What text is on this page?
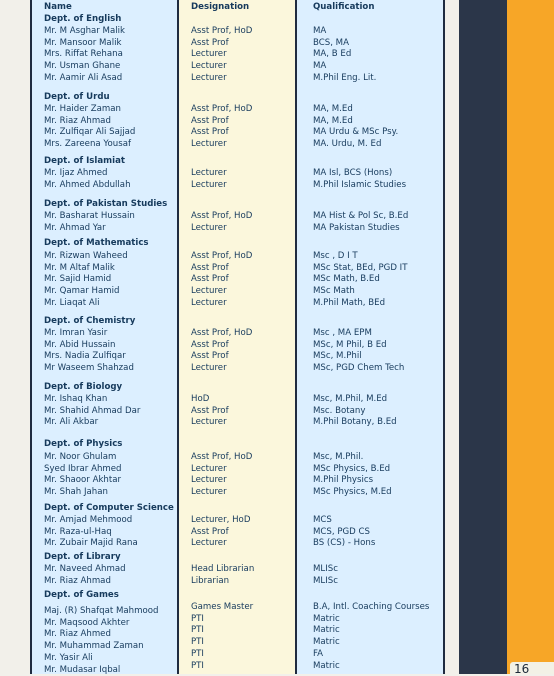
16
Name	Designation	Qualification
Dept. of English
Mr. M Asghar Malik	Asst Prof, HoD	MA
Mr. Mansoor Malik	Asst Prof	BCS, MA
Mrs. Riffat Rehana	Lecturer	MA, B Ed
Mr. Usman Ghane	Lecturer	MA
Mr. Aamir Ali Asad	Lecturer	M.Phil Eng. Lit.
Dept. of Urdu
Mr. Haider Zaman	Asst Prof, HoD	MA, M.Ed
Mr. Riaz Ahmad	Asst Prof	MA, M.Ed
Mr. Zulfiqar Ali Sajjad	Asst Prof	MA Urdu & MSc Psy.
Mrs. Zareena Yousaf	Lecturer	MA. Urdu, M. Ed
Dept. of Islamiat
Mr. Ijaz Ahmed	Lecturer	MA Isl, BCS (Hons)
Mr. Ahmed Abdullah	Lecturer	M.Phil Islamic Studies
Dept. of Pakistan Studies
Mr. Basharat Hussain	Asst Prof, HoD	MA Hist & Pol Sc, B.Ed
Mr. Ahmad Yar	Lecturer	MA Pakistan Studies
Dept. of Mathematics
Mr. Rizwan Waheed	Asst Prof, HoD	Msc , D I T
Mr. M Altaf Malik	Asst Prof	MSc Stat, BEd, PGD IT
Mr. Sajid Hamid	Asst Prof	MSc Math, B.Ed
Mr. Qamar Hamid	Lecturer	MSc Math
Mr. Liaqat Ali	Lecturer	M.Phil Math, BEd
Dept. of Chemistry
Mr. Imran Yasir	Asst Prof, HoD	Msc , MA EPM
Mr. Abid Hussain	Asst Prof	MSc, M Phil, B Ed
Mrs. Nadia Zulfiqar	Asst Prof	MSc, M.Phil
Mr Waseem Shahzad	Lecturer	MSc, PGD Chem Tech
Dept. of Biology
Mr. Ishaq Khan	HoD	Msc, M.Phil, M.Ed
Mr. Shahid Ahmad Dar	Asst Prof	Msc. Botany
Mr. Ali Akbar	Lecturer	M.Phil Botany, B.Ed
Dept. of Physics
Mr. Noor Ghulam	Asst Prof, HoD	Msc, M.Phil.
Syed Ibrar Ahmed	Lecturer	MSc Physics, B.Ed
Mr. Shaoor Akhtar	Lecturer	M.Phil Physics
Mr. Shah Jahan	Lecturer	MSc Physics, M.Ed
Dept. of Computer Science
Mr. Amjad Mehmood	Lecturer, HoD	MCS
Mr. Raza-ul-Haq	Asst Prof	MCS, PGD CS
Mr. Zubair Majid Rana	Lecturer	BS (CS) - Hons
Dept. of Library
Mr. Naveed Ahmad	Head Librarian	MLISc
Mr. Riaz Ahmad	Librarian	MLISc
Dept. of Games
Maj. (R) Shafqat Mahmood	Games Master	B.A, Intl. Coaching Courses
Mr. Maqsood Akhter	PTI	Matric
Mr. Riaz Ahmed	PTI	Matric
Mr. Muhammad Zaman	PTI	Matric
Mr. Yasir Ali	PTI	FA
Mr. Mudasar Iqbal	PTI	Matric
